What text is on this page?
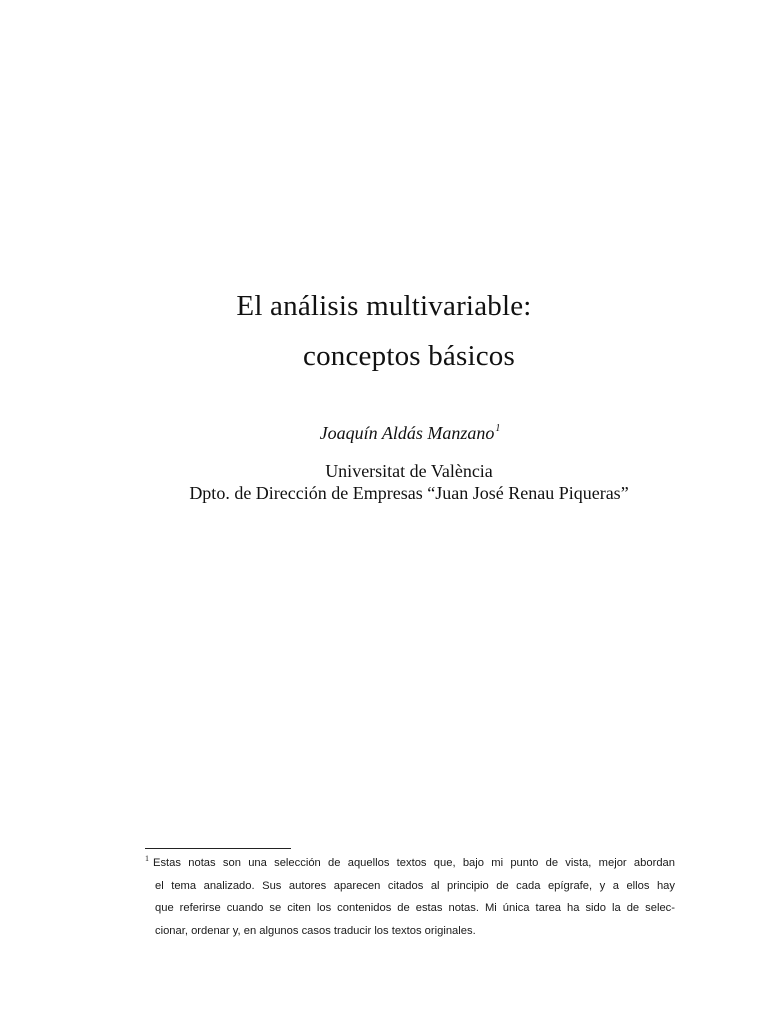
El análisis multivariable:
conceptos básicos
Joaquín Aldás Manzano$^1$
Universitat de València
Dpto. de Dirección de Empresas “Juan José Renau Piqueras”
$^1$ Estas notas son una selección de aquellos textos que, bajo mi punto de vista, mejor abordan
el tema analizado. Sus autores aparecen citados al principio de cada epígrafe, y a ellos hay
que referirse cuando se citen los contenidos de estas notas. Mi única tarea ha sido la de selec-
cionar, ordenar y, en algunos casos traducir los textos originales.
